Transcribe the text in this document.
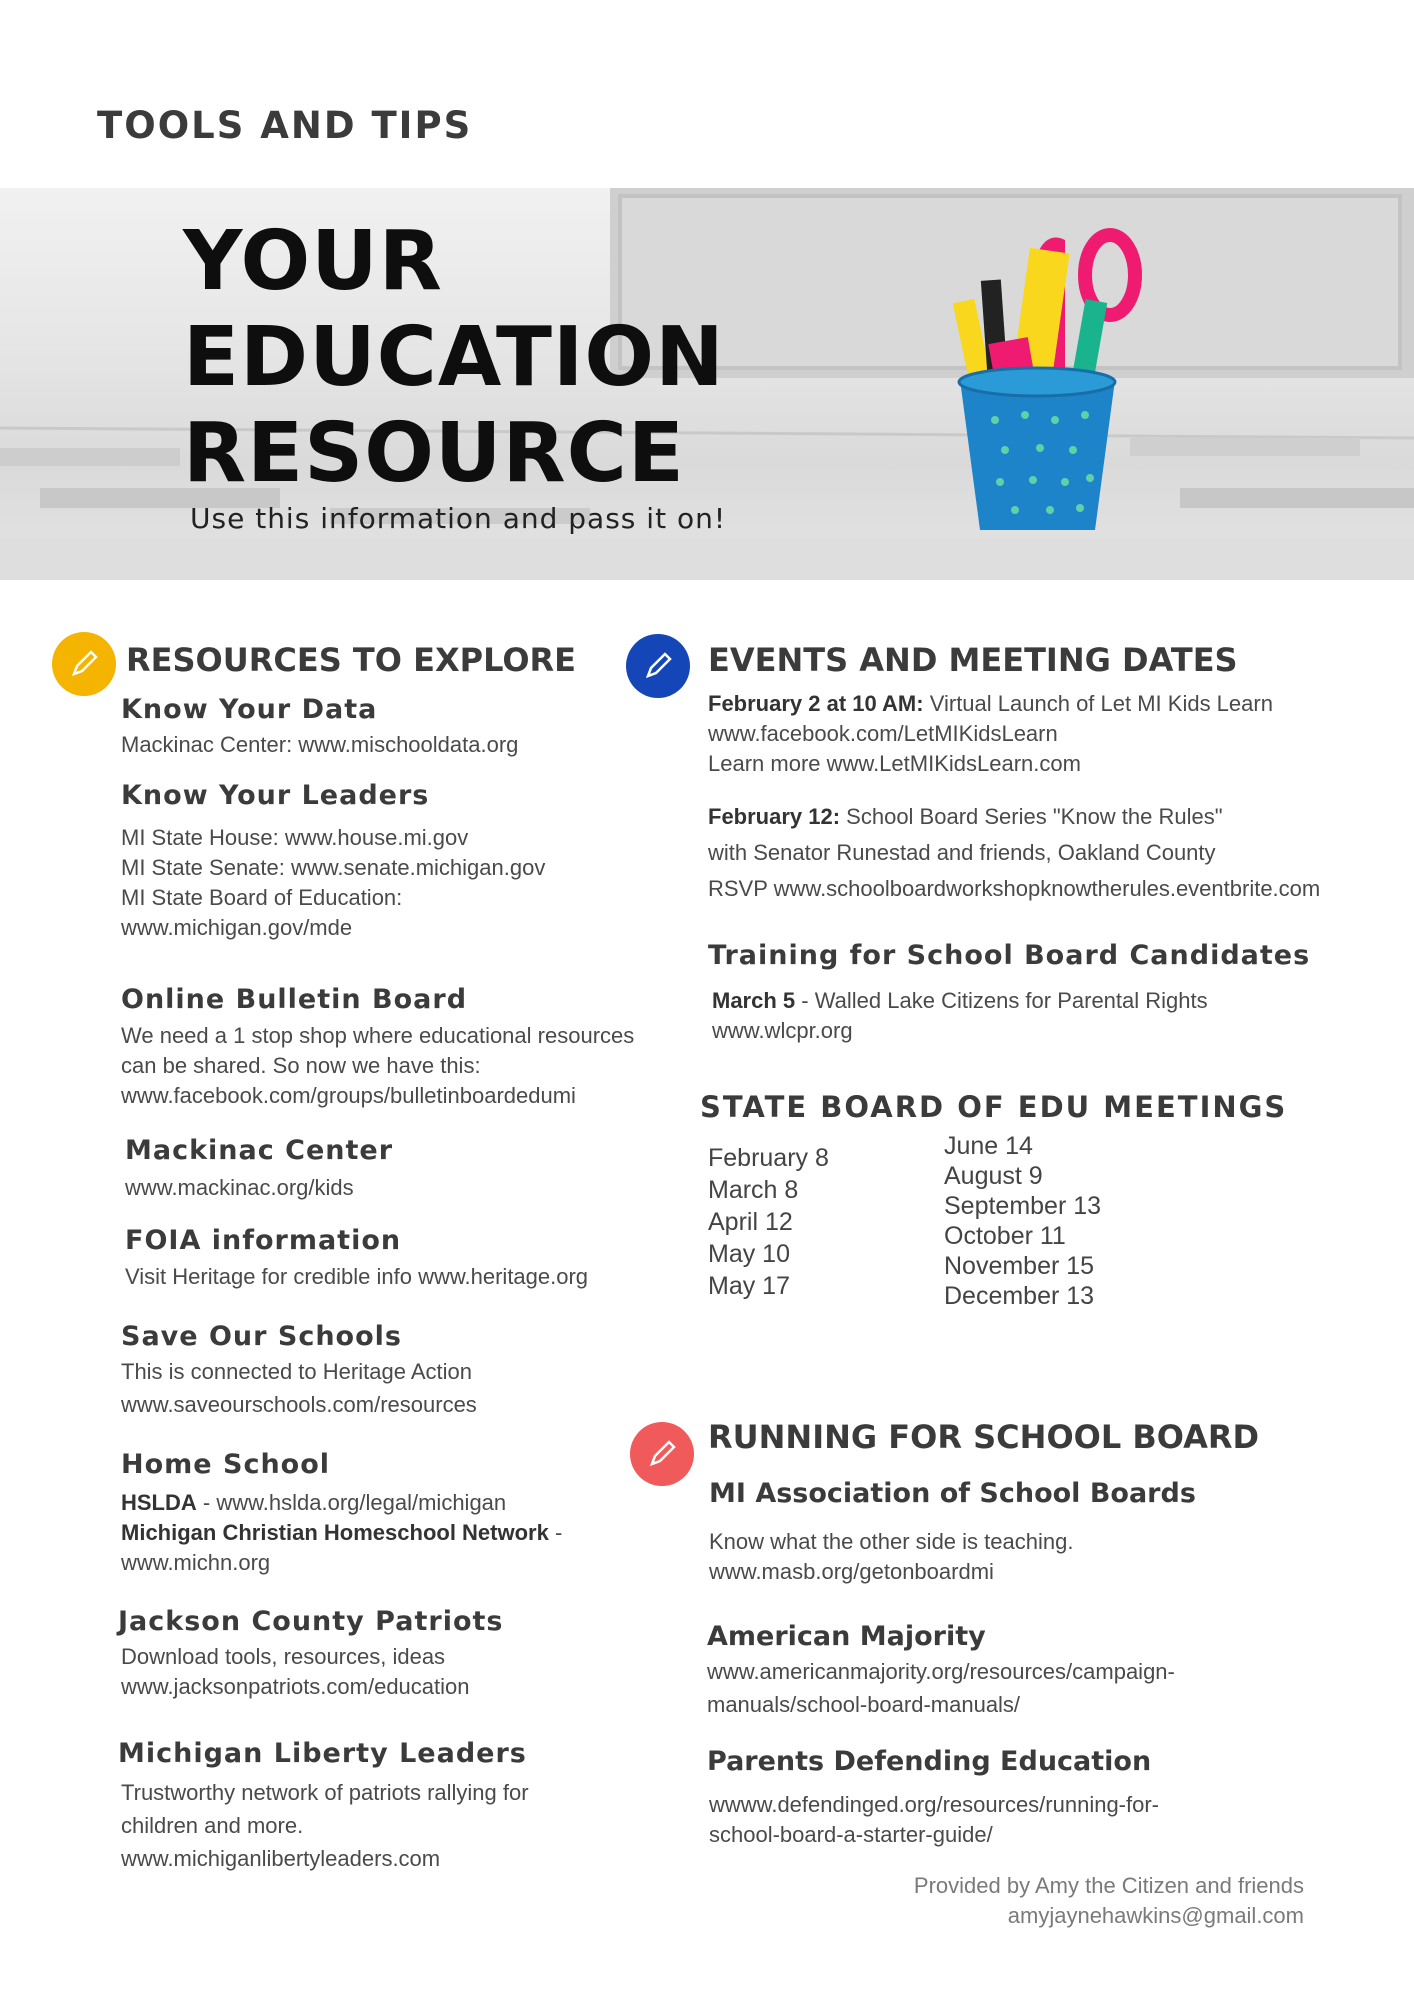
TOOLS AND TIPS
YOUR
EDUCATION
RESOURCE
Use this information and pass it on!
RESOURCES TO EXPLORE
Know Your Data
Mackinac Center: www.mischooldata.org
Know Your Leaders
MI State House: www.house.mi.gov
MI State Senate: www.senate.michigan.gov
MI State Board of Education:
www.michigan.gov/mde
Online Bulletin Board
We need a 1 stop shop where educational resources
can be shared. So now we have this:
www.facebook.com/groups/bulletinboardedumi
Mackinac Center
www.mackinac.org/kids
FOIA information
Visit Heritage for credible info www.heritage.org
Save Our Schools
This is connected to Heritage Action
www.saveourschools.com/resources
Home School
HSLDA - www.hslda.org/legal/michigan
Michigan Christian Homeschool Network -
www.michn.org
Jackson County Patriots
Download tools, resources, ideas
www.jacksonpatriots.com/education
Michigan Liberty Leaders
Trustworthy network of patriots rallying for
children and more.
www.michiganlibertyleaders.com
EVENTS AND MEETING DATES
February 2 at 10 AM: Virtual Launch of Let MI Kids Learn
www.facebook.com/LetMIKidsLearn
Learn more www.LetMIKidsLearn.com
February 12: School Board Series "Know the Rules"
with Senator Runestad and friends, Oakland County
RSVP www.schoolboardworkshopknowtherules.eventbrite.com
Training for School Board Candidates
March 5 - Walled Lake Citizens for Parental Rights
www.wlcpr.org
STATE BOARD OF EDU MEETINGS
February 8
March 8
April 12
May 10
May 17
June 14
August 9
September 13
October 11
November 15
December 13
RUNNING FOR SCHOOL BOARD
MI Association of School Boards
Know what the other side is teaching.
www.masb.org/getonboardmi
American Majority
www.americanmajority.org/resources/campaign-
manuals/school-board-manuals/
Parents Defending Education
wwww.defendinged.org/resources/running-for-
school-board-a-starter-guide/
Provided by Amy the Citizen and friends
amyjaynehawkins@gmail.com
